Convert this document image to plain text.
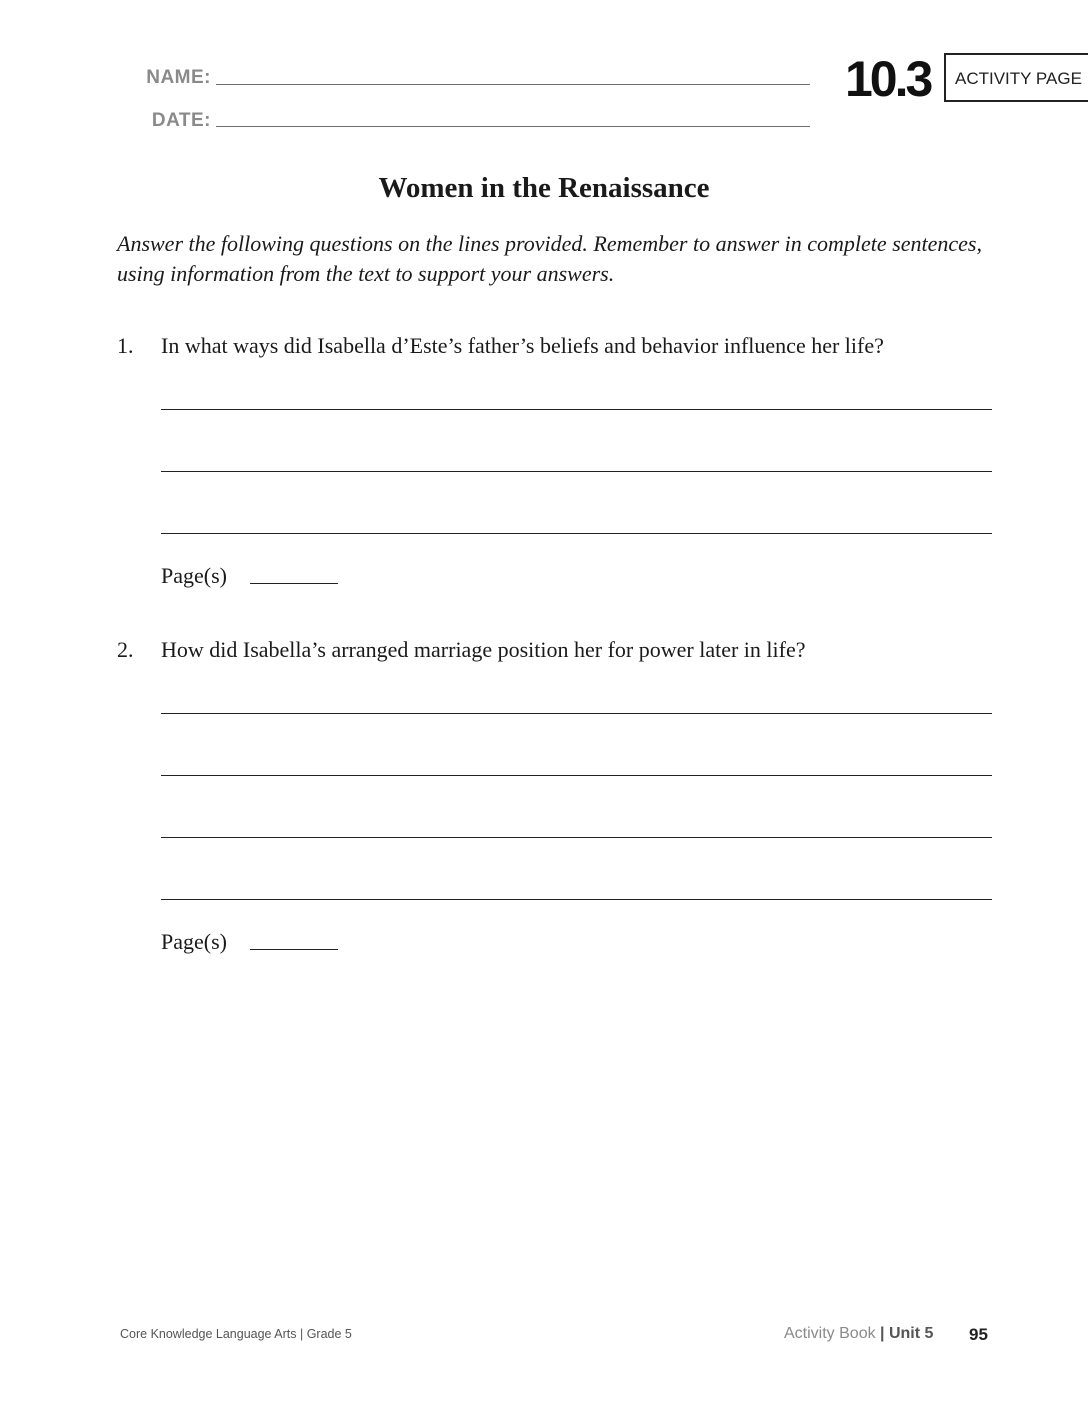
NAME:
DATE:
10.3	ACTIVITY PAGE
Women in the Renaissance
Answer the following questions on the lines provided. Remember to answer in complete sentences, using information from the text to support your answers.
1. In what ways did Isabella d’Este’s father’s beliefs and behavior influence her life?
Page(s)
2. How did Isabella’s arranged marriage position her for power later in life?
Page(s)
Core Knowledge Language Arts | Grade 5	Activity Book | Unit 5 95
